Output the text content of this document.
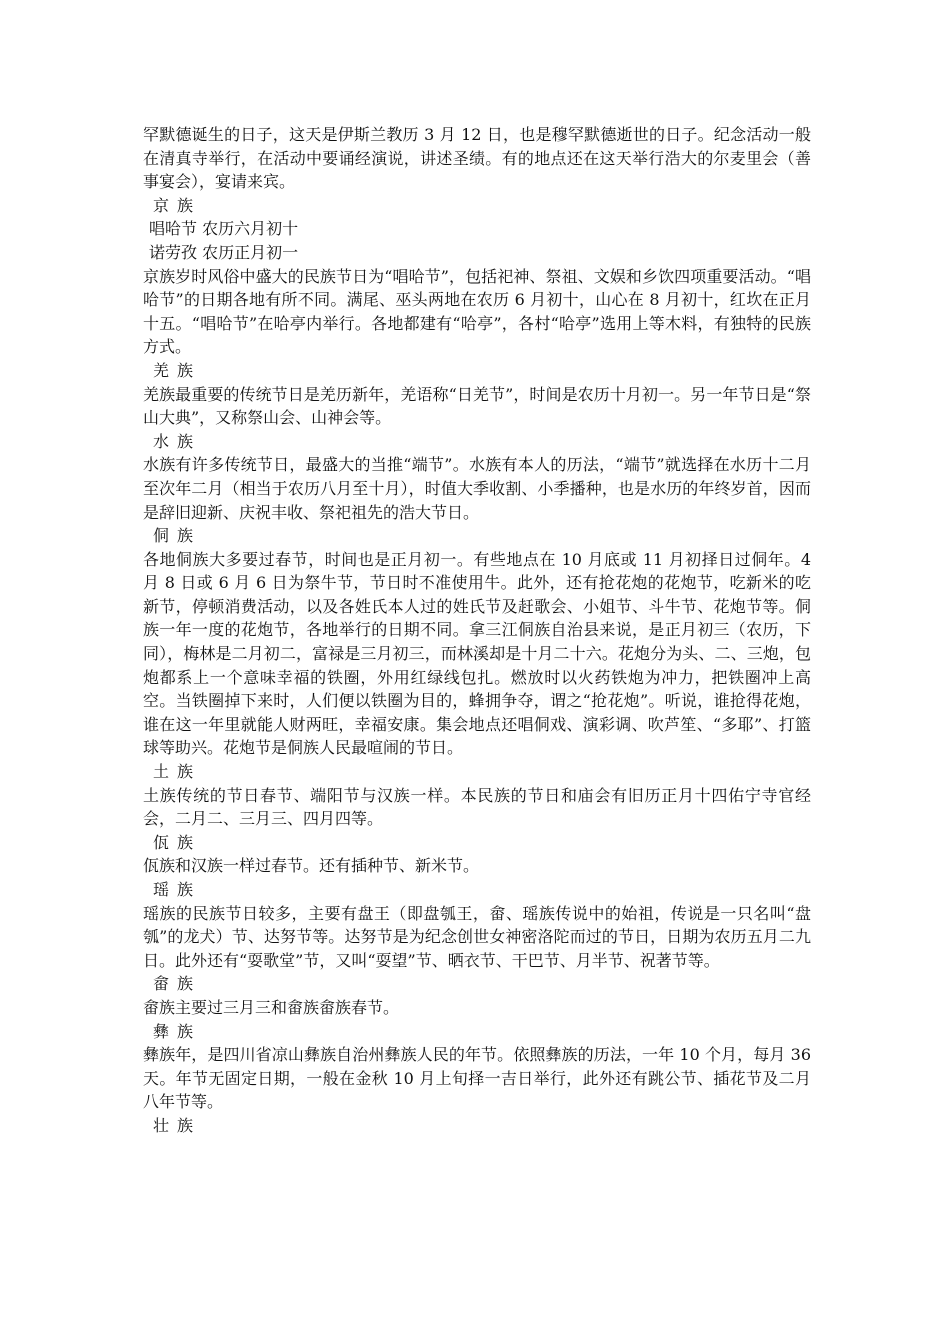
罕默德诞生的日子，这天是伊斯兰教历 3 月 12 日，也是穆罕默德逝世的日子。纪念活动一般在清真寺举行，在活动中要诵经演说，讲述圣绩。有的地点还在这天举行浩大的尔麦里会（善事宴会），宴请来宾。

京族

唱哈节 农历六月初十

诺劳孜 农历正月初一

京族岁时风俗中盛大的民族节日为“唱哈节”，包括祀神、祭祖、文娱和乡饮四项重要活动。“唱哈节”的日期各地有所不同。满尾、巫头两地在农历 6 月初十，山心在 8 月初十，红坎在正月十五。“唱哈节”在哈亭内举行。各地都建有“哈亭”，各村“哈亭”选用上等木料，有独特的民族方式。

羌族

羌族最重要的传统节日是羌历新年，羌语称“日羌节”，时间是农历十月初一。另一年节日是“祭山大典”，又称祭山会、山神会等。

水族

水族有许多传统节日，最盛大的当推“端节”。水族有本人的历法，“端节”就选择在水历十二月至次年二月（相当于农历八月至十月），时值大季收割、小季播种，也是水历的年终岁首，因而是辞旧迎新、庆祝丰收、祭祀祖先的浩大节日。

侗族

各地侗族大多要过春节，时间也是正月初一。有些地点在 10 月底或 11 月初择日过侗年。4 月 8 日或 6 月 6 日为祭牛节，节日时不准使用牛。此外，还有抢花炮的花炮节，吃新米的吃新节，停顿消费活动，以及各姓氏本人过的姓氏节及赶歌会、小姐节、斗牛节、花炮节等。侗族一年一度的花炮节，各地举行的日期不同。拿三江侗族自治县来说，是正月初三（农历，下同），梅林是二月初二，富禄是三月初三，而林溪却是十月二十六。花炮分为头、二、三炮，包炮都系上一个意味幸福的铁圈，外用红绿线包扎。燃放时以火药铁炮为冲力，把铁圈冲上高空。当铁圈掉下来时，人们便以铁圈为目的，蜂拥争夺，谓之“抢花炮”。听说，谁抢得花炮，谁在这一年里就能人财两旺，幸福安康。集会地点还唱侗戏、演彩调、吹芦笙、“多耶”、打篮球等助兴。花炮节是侗族人民最喧闹的节日。

土族

土族传统的节日春节、端阳节与汉族一样。本民族的节日和庙会有旧历正月十四佑宁寺官经会，二月二、三月三、四月四等。

佤族

佤族和汉族一样过春节。还有插种节、新米节。

瑶族

瑶族的民族节日较多，主要有盘王（即盘瓠王，畲、瑶族传说中的始祖，传说是一只名叫“盘瓠”的龙犬）节、达努节等。达努节是为纪念创世女神密洛陀而过的节日，日期为农历五月二九日。此外还有“耍歌堂”节，又叫“耍望”节、晒衣节、干巴节、月半节、祝著节等。

畲族

畲族主要过三月三和畲族畲族春节。

彝族

彝族年，是四川省凉山彝族自治州彝族人民的年节。依照彝族的历法，一年 10 个月，每月 36 天。年节无固定日期，一般在金秋 10 月上旬择一吉日举行，此外还有跳公节、插花节及二月八年节等。

壮族
